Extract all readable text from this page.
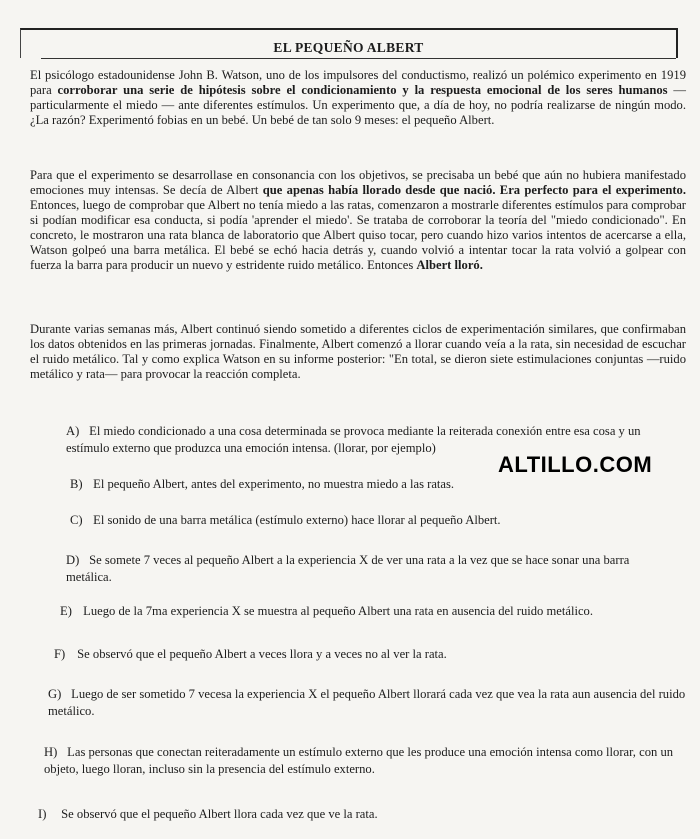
EL PEQUEÑO ALBERT
El psicólogo estadounidense John B. Watson, uno de los impulsores del conductismo, realizó un polémico experimento en 1919 para corroborar una serie de hipótesis sobre el condicionamiento y la respuesta emocional de los seres humanos —particularmente el miedo — ante diferentes estímulos. Un experimento que, a día de hoy, no podría realizarse de ningún modo. ¿La razón? Experimentó fobias en un bebé. Un bebé de tan solo 9 meses: el pequeño Albert.
Para que el experimento se desarrollase en consonancia con los objetivos, se precisaba un bebé que aún no hubiera manifestado emociones muy intensas. Se decía de Albert que apenas había llorado desde que nació. Era perfecto para el experimento. Entonces, luego de comprobar que Albert no tenía miedo a las ratas, comenzaron a mostrarle diferentes estímulos para comprobar si podían modificar esa conducta, si podía 'aprender el miedo'. Se trataba de corroborar la teoría del "miedo condicionado". En concreto, le mostraron una rata blanca de laboratorio que Albert quiso tocar, pero cuando hizo varios intentos de acercarse a ella, Watson golpeó una barra metálica. El bebé se echó hacia detrás y, cuando volvió a intentar tocar la rata volvió a golpear con fuerza la barra para producir un nuevo y estridente ruido metálico. Entonces Albert lloró.
Durante varias semanas más, Albert continuó siendo sometido a diferentes ciclos de experimentación similares, que confirmaban los datos obtenidos en las primeras jornadas. Finalmente, Albert comenzó a llorar cuando veía a la rata, sin necesidad de escuchar el ruido metálico. Tal y como explica Watson en su informe posterior: "En total, se dieron siete estimulaciones conjuntas —ruido metálico y rata— para provocar la reacción completa.
ALTILLO.COM
A) El miedo condicionado a una cosa determinada se provoca mediante la reiterada conexión entre esa cosa y un estímulo externo que produzca una emoción intensa. (llorar, por ejemplo)
B) El pequeño Albert, antes del experimento, no muestra miedo a las ratas.
C) El sonido de una barra metálica (estímulo externo) hace llorar al pequeño Albert.
D) Se somete 7 veces al pequeño Albert a la experiencia X de ver una rata a la vez que se hace sonar una barra metálica.
E) Luego de la 7ma experiencia X se muestra al pequeño Albert una rata en ausencia del ruido metálico.
F) Se observó que el pequeño Albert a veces llora y a veces no al ver la rata.
G) Luego de ser sometido 7 vecesa la experiencia X el pequeño Albert llorará cada vez que vea la rata aun ausencia del ruido metálico.
H) Las personas que conectan reiteradamente un estímulo externo que les produce una emoción intensa como llorar, con un objeto, luego lloran, incluso sin la presencia del estímulo externo.
I) Se observó que el pequeño Albert llora cada vez que ve la rata.
